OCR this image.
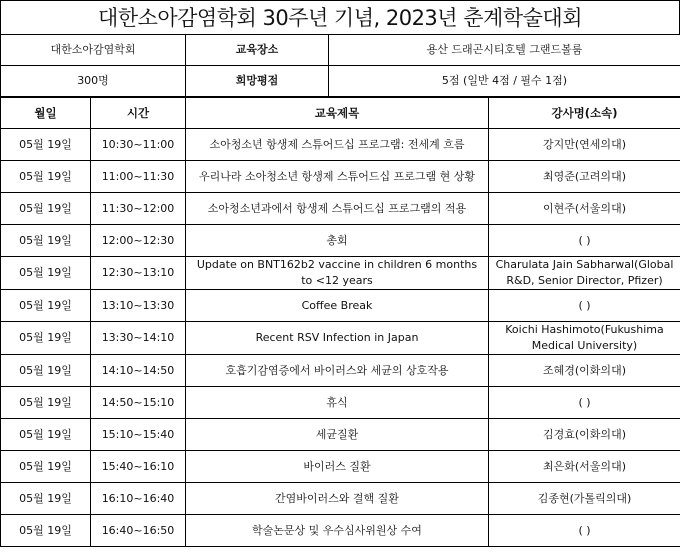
대한소아감염학회 30주년 기념, 2023년 춘계학술대회
대한소아감염학회	교육장소	용산 드래곤시티호텔 그랜드볼룸
300명	희망평점	5점 (일반 4점 / 필수 1점)
월일	시간	교육제목	강사명(소속)
05월 19일	10:30~11:00	소아청소년 항생제 스튜어드십 프로그램: 전세계 흐름	강지만(연세의대)
05월 19일	11:00~11:30	우리나라 소아청소년 항생제 스튜어드십 프로그램 현 상황	최영준(고려의대)
05월 19일	11:30~12:00	소아청소년과에서 항생제 스튜어드십 프로그램의 적용	이현주(서울의대)
05월 19일	12:00~12:30	총회	( )
05월 19일	12:30~13:10	Update on BNT162b2 vaccine in children 6 months to <12 years	Charulata Jain Sabharwal(Global R&D, Senior Director, Pfizer)
05월 19일	13:10~13:30	Coffee Break	( )
05월 19일	13:30~14:10	Recent RSV Infection in Japan	Koichi Hashimoto(Fukushima Medical University)
05월 19일	14:10~14:50	호흡기감염증에서 바이러스와 세균의 상호작용	조혜경(이화의대)
05월 19일	14:50~15:10	휴식	( )
05월 19일	15:10~15:40	세균질환	김경효(이화의대)
05월 19일	15:40~16:10	바이러스 질환	최은화(서울의대)
05월 19일	16:10~16:40	간염바이러스와 결핵 질환	김종현(가톨릭의대)
05월 19일	16:40~16:50	학술논문상 및 우수심사위원상 수여	( )
